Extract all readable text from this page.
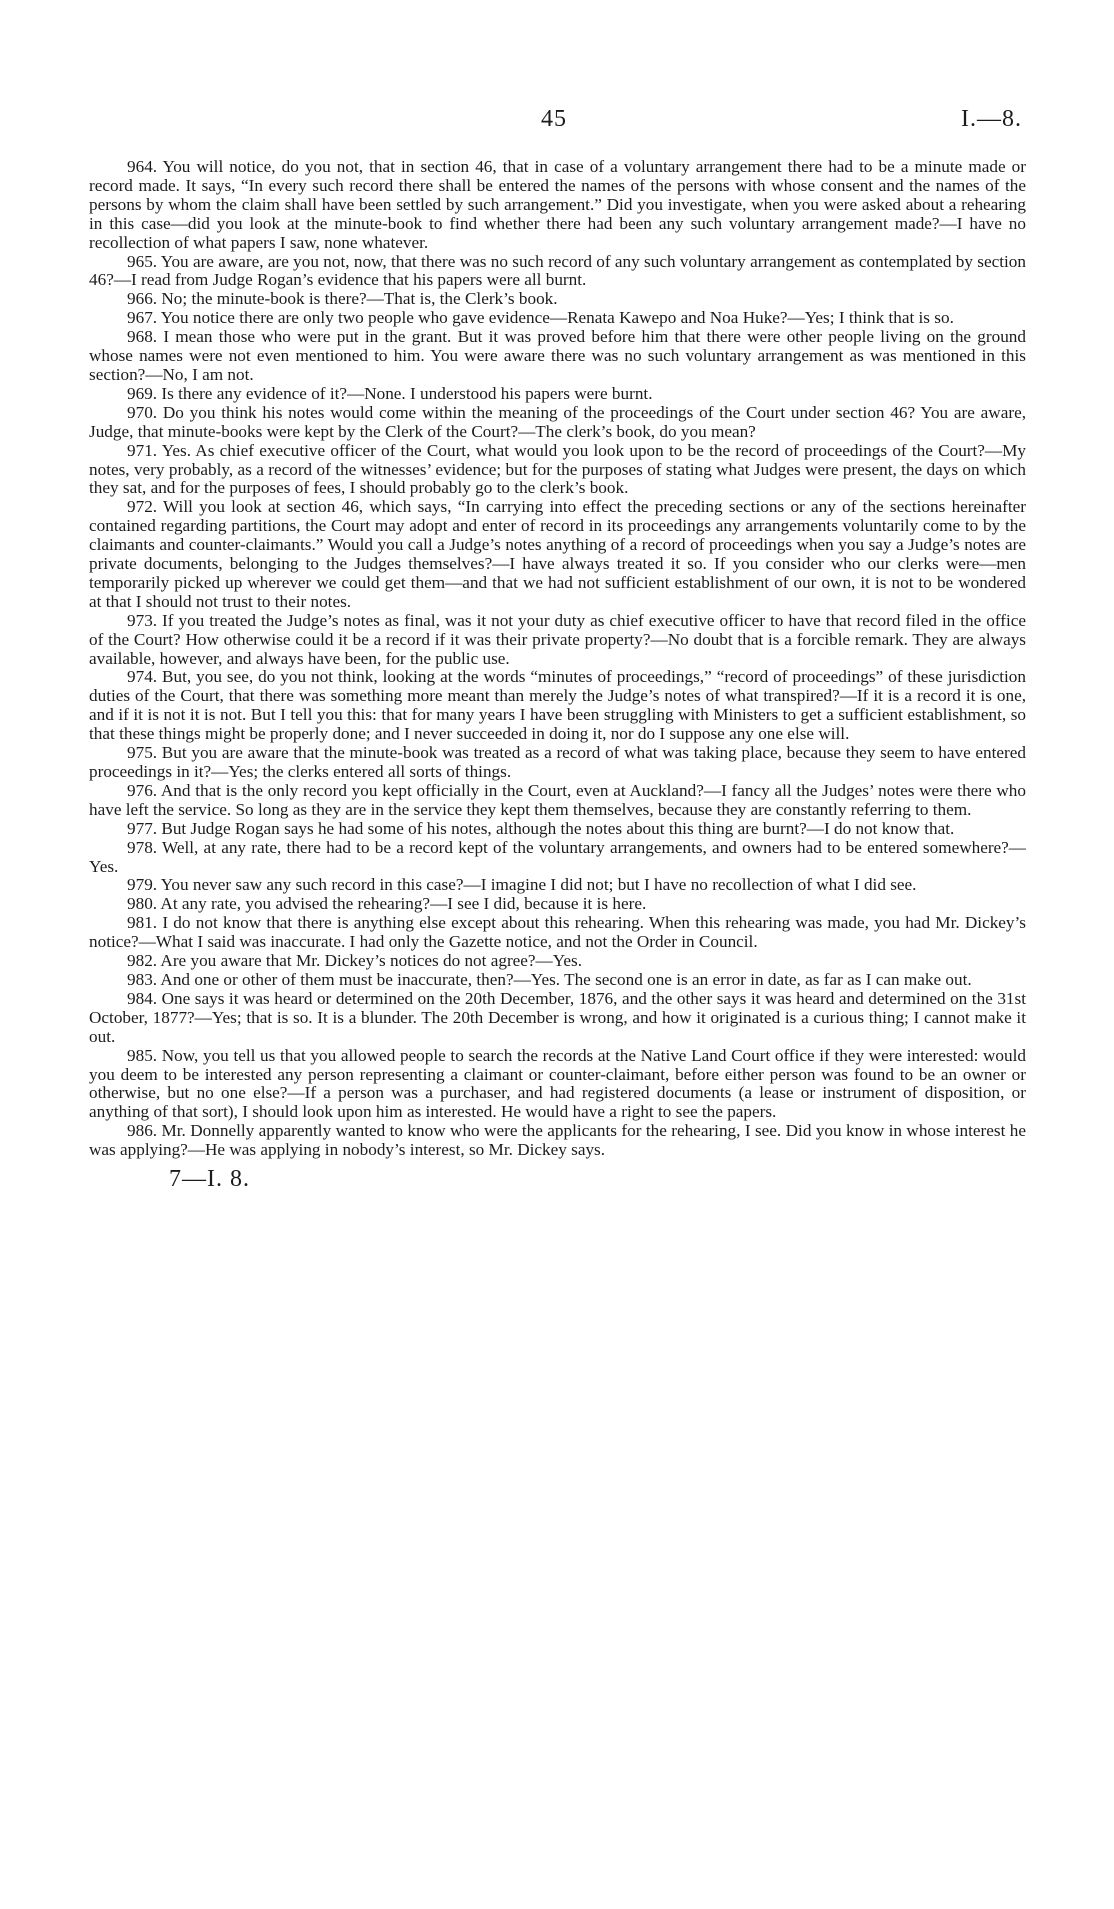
45	I.—8.

964. You will notice, do you not, that in section 46, that in case of a voluntary arrangement there had to be a minute made or record made. It says, “In every such record there shall be entered the names of the persons with whose consent and the names of the persons by whom the claim shall have been settled by such arrangement.” Did you investigate, when you were asked about a rehearing in this case—did you look at the minute-book to find whether there had been any such voluntary arrangement made?—I have no recollection of what papers I saw, none whatever.

965. You are aware, are you not, now, that there was no such record of any such voluntary arrangement as contemplated by section 46?—I read from Judge Rogan’s evidence that his papers were all burnt.

966. No; the minute-book is there?—That is, the Clerk’s book.

967. You notice there are only two people who gave evidence—Renata Kawepo and Noa Huke?—Yes; I think that is so.

968. I mean those who were put in the grant. But it was proved before him that there were other people living on the ground whose names were not even mentioned to him. You were aware there was no such voluntary arrangement as was mentioned in this section?—No, I am not.

969. Is there any evidence of it?—None. I understood his papers were burnt.

970. Do you think his notes would come within the meaning of the proceedings of the Court under section 46? You are aware, Judge, that minute-books were kept by the Clerk of the Court?—The clerk’s book, do you mean?

971. Yes. As chief executive officer of the Court, what would you look upon to be the record of proceedings of the Court?—My notes, very probably, as a record of the witnesses’ evidence; but for the purposes of stating what Judges were present, the days on which they sat, and for the purposes of fees, I should probably go to the clerk’s book.

972. Will you look at section 46, which says, “In carrying into effect the preceding sections or any of the sections hereinafter contained regarding partitions, the Court may adopt and enter of record in its proceedings any arrangements voluntarily come to by the claimants and counter-claimants.” Would you call a Judge’s notes anything of a record of proceedings when you say a Judge’s notes are private documents, belonging to the Judges themselves?—I have always treated it so. If you consider who our clerks were—men temporarily picked up wherever we could get them—and that we had not sufficient establishment of our own, it is not to be wondered at that I should not trust to their notes.

973. If you treated the Judge’s notes as final, was it not your duty as chief executive officer to have that record filed in the office of the Court? How otherwise could it be a record if it was their private property?—No doubt that is a forcible remark. They are always available, however, and always have been, for the public use.

974. But, you see, do you not think, looking at the words “minutes of proceedings,” “record of proceedings” of these jurisdiction duties of the Court, that there was something more meant than merely the Judge’s notes of what transpired?—If it is a record it is one, and if it is not it is not. But I tell you this: that for many years I have been struggling with Ministers to get a sufficient establishment, so that these things might be properly done; and I never succeeded in doing it, nor do I suppose any one else will.

975. But you are aware that the minute-book was treated as a record of what was taking place, because they seem to have entered proceedings in it?—Yes; the clerks entered all sorts of things.

976. And that is the only record you kept officially in the Court, even at Auckland?—I fancy all the Judges’ notes were there who have left the service. So long as they are in the service they kept them themselves, because they are constantly referring to them.

977. But Judge Rogan says he had some of his notes, although the notes about this thing are burnt?—I do not know that.

978. Well, at any rate, there had to be a record kept of the voluntary arrangements, and owners had to be entered somewhere?—Yes.

979. You never saw any such record in this case?—I imagine I did not; but I have no recollection of what I did see.

980. At any rate, you advised the rehearing?—I see I did, because it is here.

981. I do not know that there is anything else except about this rehearing. When this rehearing was made, you had Mr. Dickey’s notice?—What I said was inaccurate. I had only the Gazette notice, and not the Order in Council.

982. Are you aware that Mr. Dickey’s notices do not agree?—Yes.

983. And one or other of them must be inaccurate, then?—Yes. The second one is an error in date, as far as I can make out.

984. One says it was heard or determined on the 20th December, 1876, and the other says it was heard and determined on the 31st October, 1877?—Yes; that is so. It is a blunder. The 20th December is wrong, and how it originated is a curious thing; I cannot make it out.

985. Now, you tell us that you allowed people to search the records at the Native Land Court office if they were interested: would you deem to be interested any person representing a claimant or counter-claimant, before either person was found to be an owner or otherwise, but no one else?—If a person was a purchaser, and had registered documents (a lease or instrument of disposition, or anything of that sort), I should look upon him as interested. He would have a right to see the papers.

986. Mr. Donnelly apparently wanted to know who were the applicants for the rehearing, I see. Did you know in whose interest he was applying?—He was applying in nobody’s interest, so Mr. Dickey says.

7—I. 8.
